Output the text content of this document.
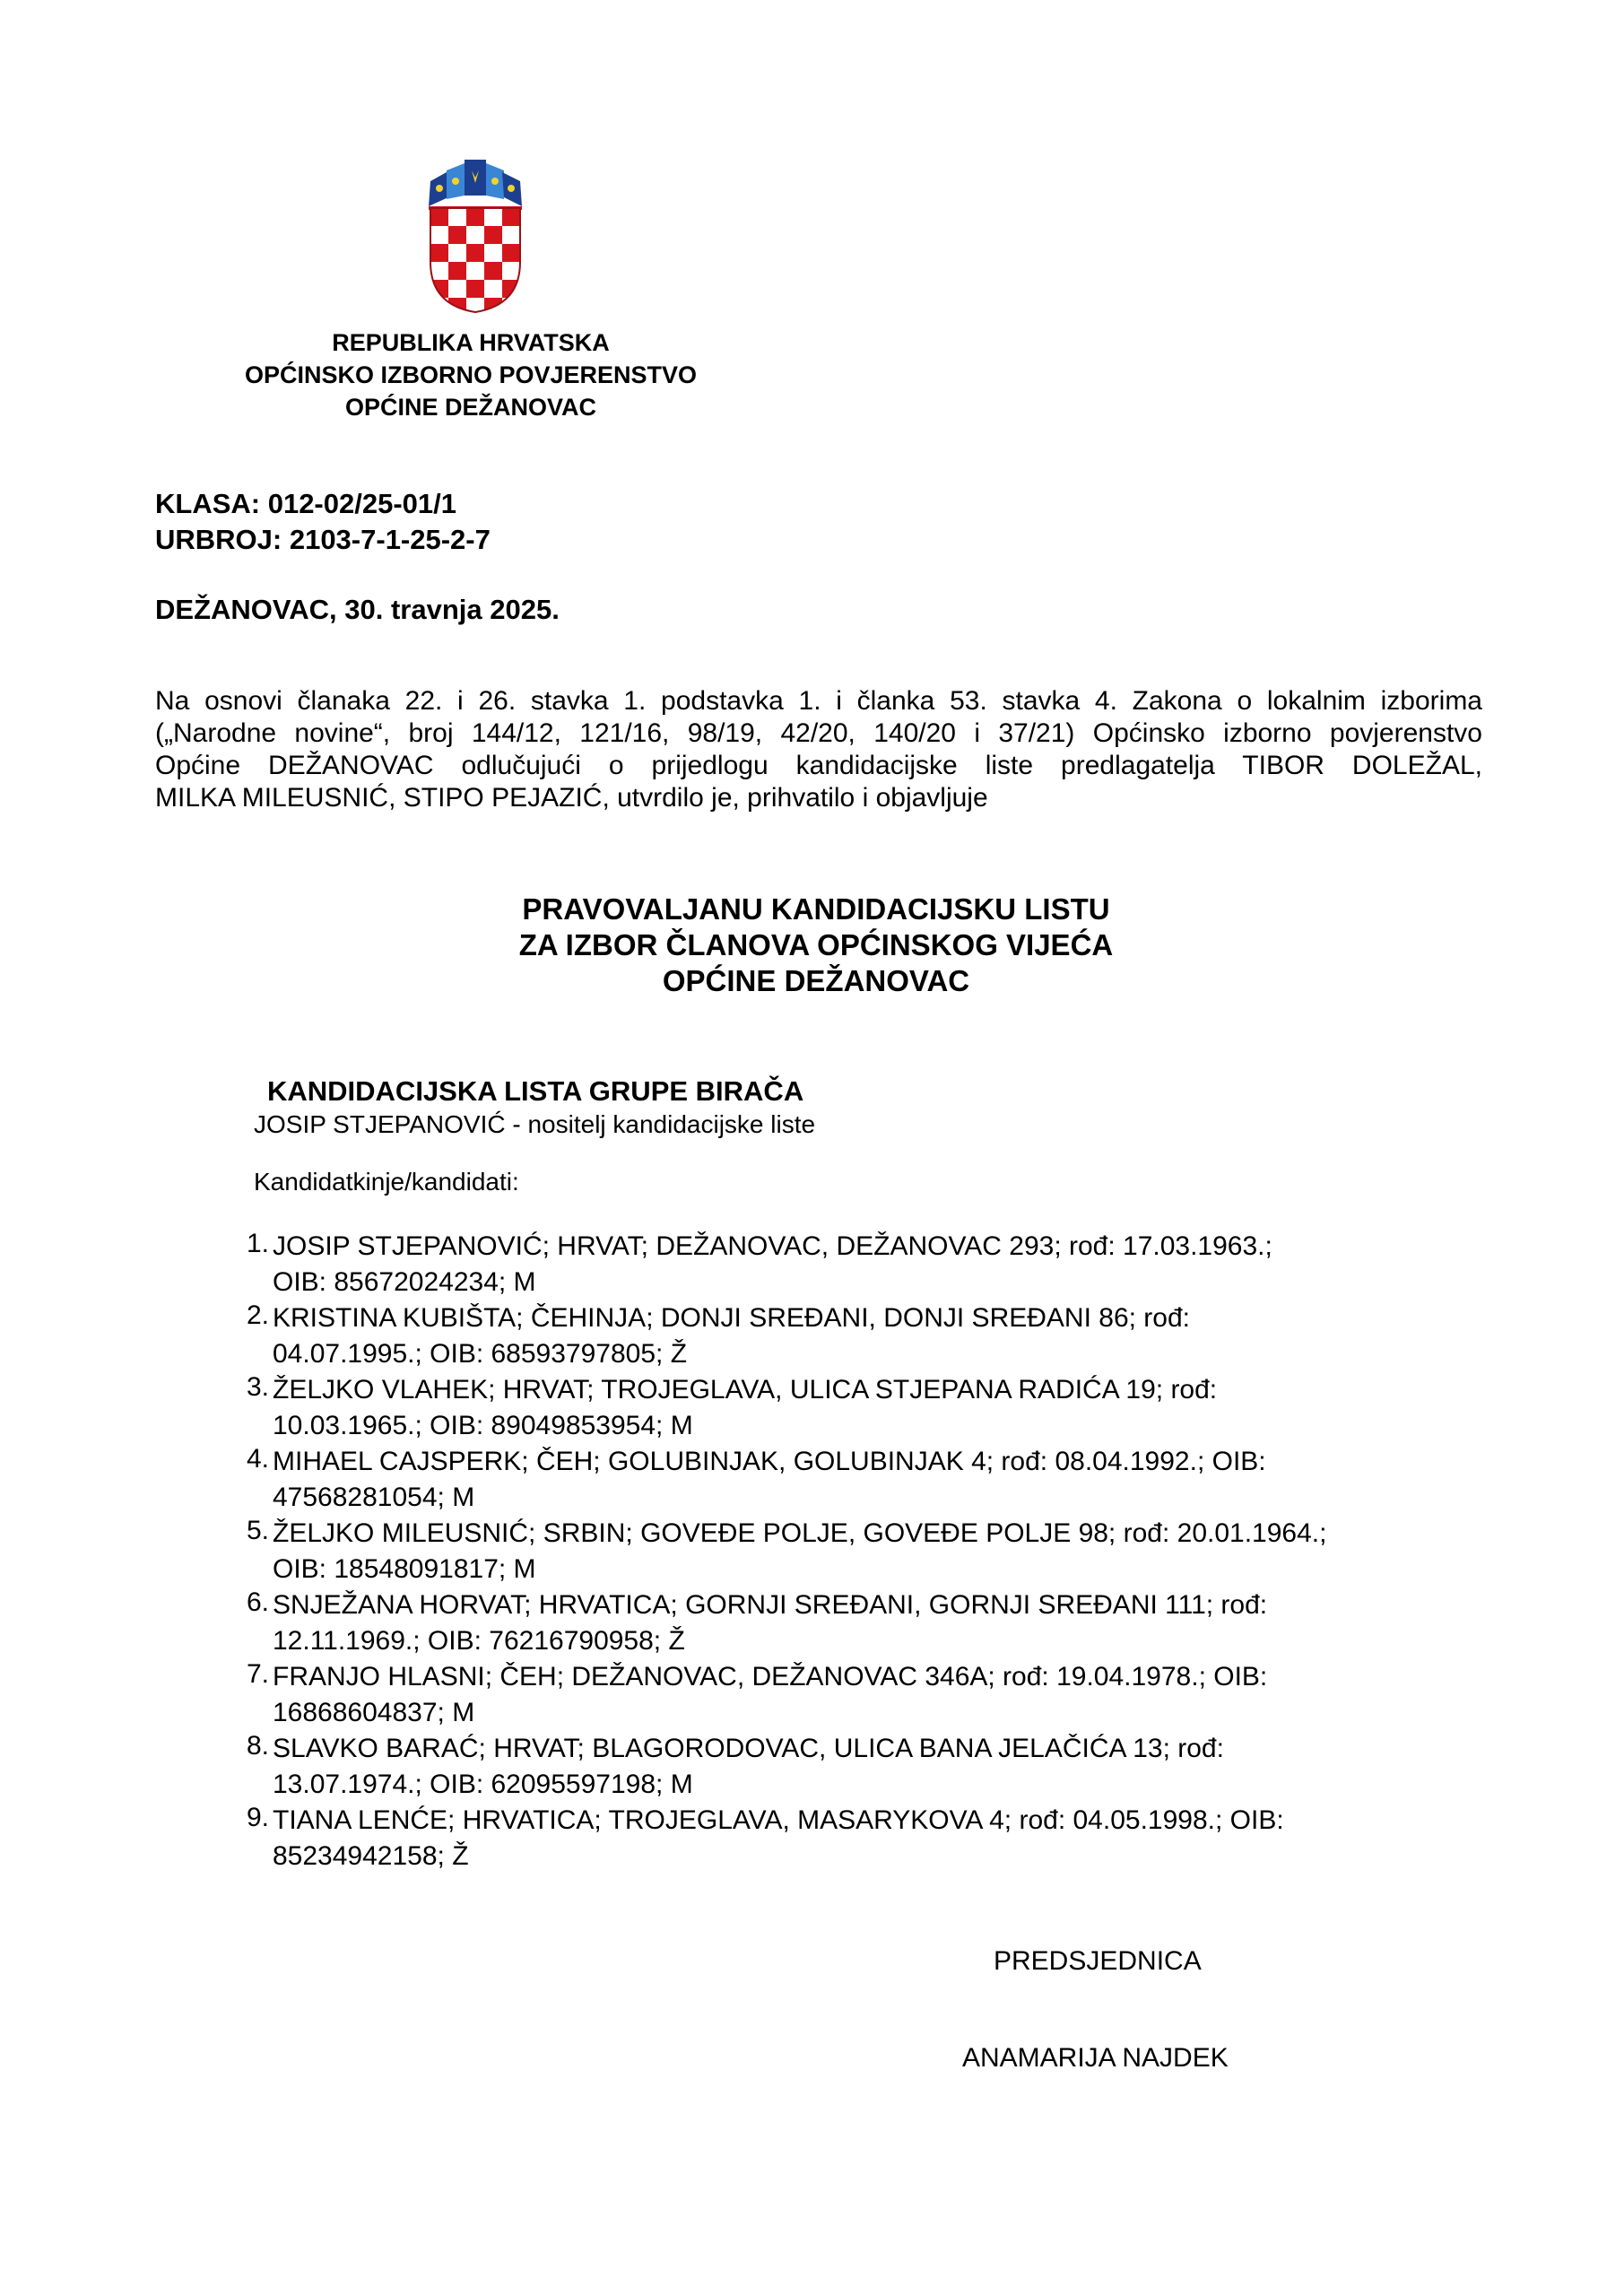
REPUBLIKA HRVATSKA
OPĆINSKO IZBORNO POVJERENSTVO
OPĆINE DEŽANOVAC
KLASA: 012-02/25-01/1
URBROJ: 2103-7-1-25-2-7
DEŽANOVAC, 30. travnja 2025.
Na osnovi članaka 22. i 26. stavka 1. podstavka 1. i članka 53. stavka 4. Zakona o lokalnim izborima
(„Narodne novine“, broj 144/12, 121/16, 98/19, 42/20, 140/20 i 37/21) Općinsko izborno povjerenstvo
Općine DEŽANOVAC odlučujući o prijedlogu kandidacijske liste predlagatelja TIBOR DOLEŽAL,
MILKA MILEUSNIĆ, STIPO PEJAZIĆ, utvrdilo je, prihvatilo i objavljuje
PRAVOVALJANU KANDIDACIJSKU LISTU
ZA IZBOR ČLANOVA OPĆINSKOG VIJEĆA
OPĆINE DEŽANOVAC
KANDIDACIJSKA LISTA GRUPE BIRAČA
JOSIP STJEPANOVIĆ - nositelj kandidacijske liste
Kandidatkinje/kandidati:
1. JOSIP STJEPANOVIĆ; HRVAT; DEŽANOVAC, DEŽANOVAC 293; rođ: 17.03.1963.;
OIB: 85672024234; M
2. KRISTINA KUBIŠTA; ČEHINJA; DONJI SREĐANI, DONJI SREĐANI 86; rođ:
04.07.1995.; OIB: 68593797805; Ž
3. ŽELJKO VLAHEK; HRVAT; TROJEGLAVA, ULICA STJEPANA RADIĆA 19; rođ:
10.03.1965.; OIB: 89049853954; M
4. MIHAEL CAJSPERK; ČEH; GOLUBINJAK, GOLUBINJAK 4; rođ: 08.04.1992.; OIB:
47568281054; M
5. ŽELJKO MILEUSNIĆ; SRBIN; GOVEĐE POLJE, GOVEĐE POLJE 98; rođ: 20.01.1964.;
OIB: 18548091817; M
6. SNJEŽANA HORVAT; HRVATICA; GORNJI SREĐANI, GORNJI SREĐANI 111; rođ:
12.11.1969.; OIB: 76216790958; Ž
7. FRANJO HLASNI; ČEH; DEŽANOVAC, DEŽANOVAC 346A; rođ: 19.04.1978.; OIB:
16868604837; M
8. SLAVKO BARAĆ; HRVAT; BLAGORODOVAC, ULICA BANA JELAČIĆA 13; rođ:
13.07.1974.; OIB: 62095597198; M
9. TIANA LENĆE; HRVATICA; TROJEGLAVA, MASARYKOVA 4; rođ: 04.05.1998.; OIB:
85234942158; Ž
PREDSJEDNICA
ANAMARIJA NAJDEK
